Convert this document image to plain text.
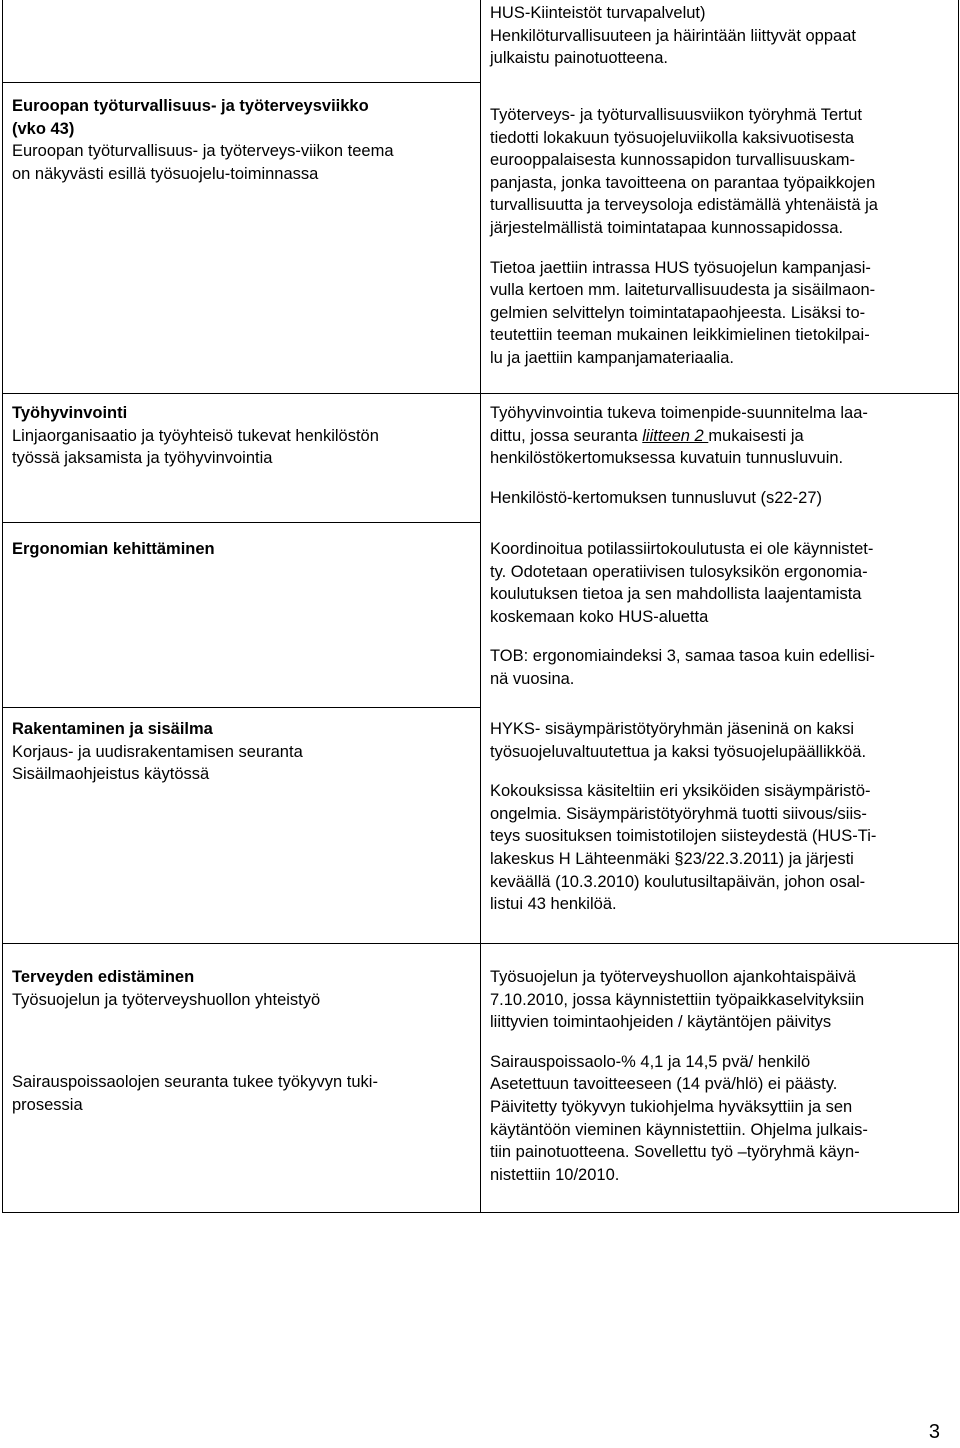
HUS-Kiinteistöt turvapalvelut)

Henkilöturvallisuuteen ja häirintään liittyvät oppaat

julkaistu painotuotteena.

Euroopan työturvallisuus- ja työterveysviikko

(vko 43)

Euroopan työturvallisuus- ja työterveys-viikon teema

on näkyvästi esillä työsuojelu-toiminnassa

Työterveys- ja työturvallisuusviikon työryhmä Tertut

tiedotti lokakuun työsuojeluviikolla kaksivuotisesta

eurooppalaisesta kunnossapidon turvallisuuskam-

panjasta, jonka tavoitteena on parantaa työpaikkojen

turvallisuutta ja terveysoloja edistämällä yhtenäistä ja

järjestelmällistä toimintatapaa kunnossapidossa.

Tietoa jaettiin intrassa HUS työsuojelun kampanjasi-

vulla kertoen mm. laiteturvallisuudesta ja sisäilmaon-

gelmien selvittelyn toimintatapaohjeesta. Lisäksi to-

teutettiin teeman mukainen leikkimielinen tietokilpai-

lu ja jaettiin kampanjamateriaalia.

Työhyvinvointi

Linjaorganisaatio ja työyhteisö tukevat henkilöstön

työssä jaksamista ja työhyvinvointia

Työhyvinvointia tukeva toimenpide-suunnitelma laa-

dittu, jossa seuranta liitteen 2 mukaisesti ja

henkilöstökertomuksessa kuvatuin tunnusluvuin.

Henkilöstö-kertomuksen tunnusluvut (s22-27)

Ergonomian kehittäminen	Koordinoitua potilassiirtokoulutusta ei ole käynnistet-

ty. Odotetaan operatiivisen tulosyksikön ergonomia-

koulutuksen tietoa ja sen mahdollista laajentamista

koskemaan koko HUS-aluetta

TOB: ergonomiaindeksi 3, samaa tasoa kuin edellisi-

nä vuosina.

Rakentaminen ja sisäilma

Korjaus- ja uudisrakentamisen seuranta

Sisäilmaohjeistus käytössä

HYKS- sisäympäristötyöryhmän jäseninä on kaksi

työsuojeluvaltuutettua ja kaksi työsuojelupäällikköä.

Kokouksissa käsiteltiin eri yksiköiden sisäympäristö-

ongelmia. Sisäympäristötyöryhmä tuotti siivous/siis-

teys suosituksen toimistotilojen siisteydestä (HUS-Ti-

lakeskus H Lähteenmäki §23/22.3.2011) ja järjesti

keväällä (10.3.2010) koulutusiltapäivän, johon osal-

listui 43 henkilöä.

Terveyden edistäminen

Työsuojelun ja työterveyshuollon yhteistyö

Sairauspoissaolojen seuranta tukee työkyvyn tuki-

prosessia

Työsuojelun ja työterveyshuollon ajankohtaispäivä

7.10.2010, jossa käynnistettiin työpaikkaselvityksiin

liittyvien toimintaohjeiden / käytäntöjen päivitys

Sairauspoissaolo-% 4,1 ja 14,5 pvä/ henkilö

Asetettuun tavoitteeseen (14 pvä/hlö) ei päästy.

Päivitetty työkyvyn tukiohjelma hyväksyttiin ja sen

käytäntöön vieminen käynnistettiin. Ohjelma julkais-

tiin painotuotteena. Sovellettu työ –työryhmä käyn-

nistettiin 10/2010.

3
